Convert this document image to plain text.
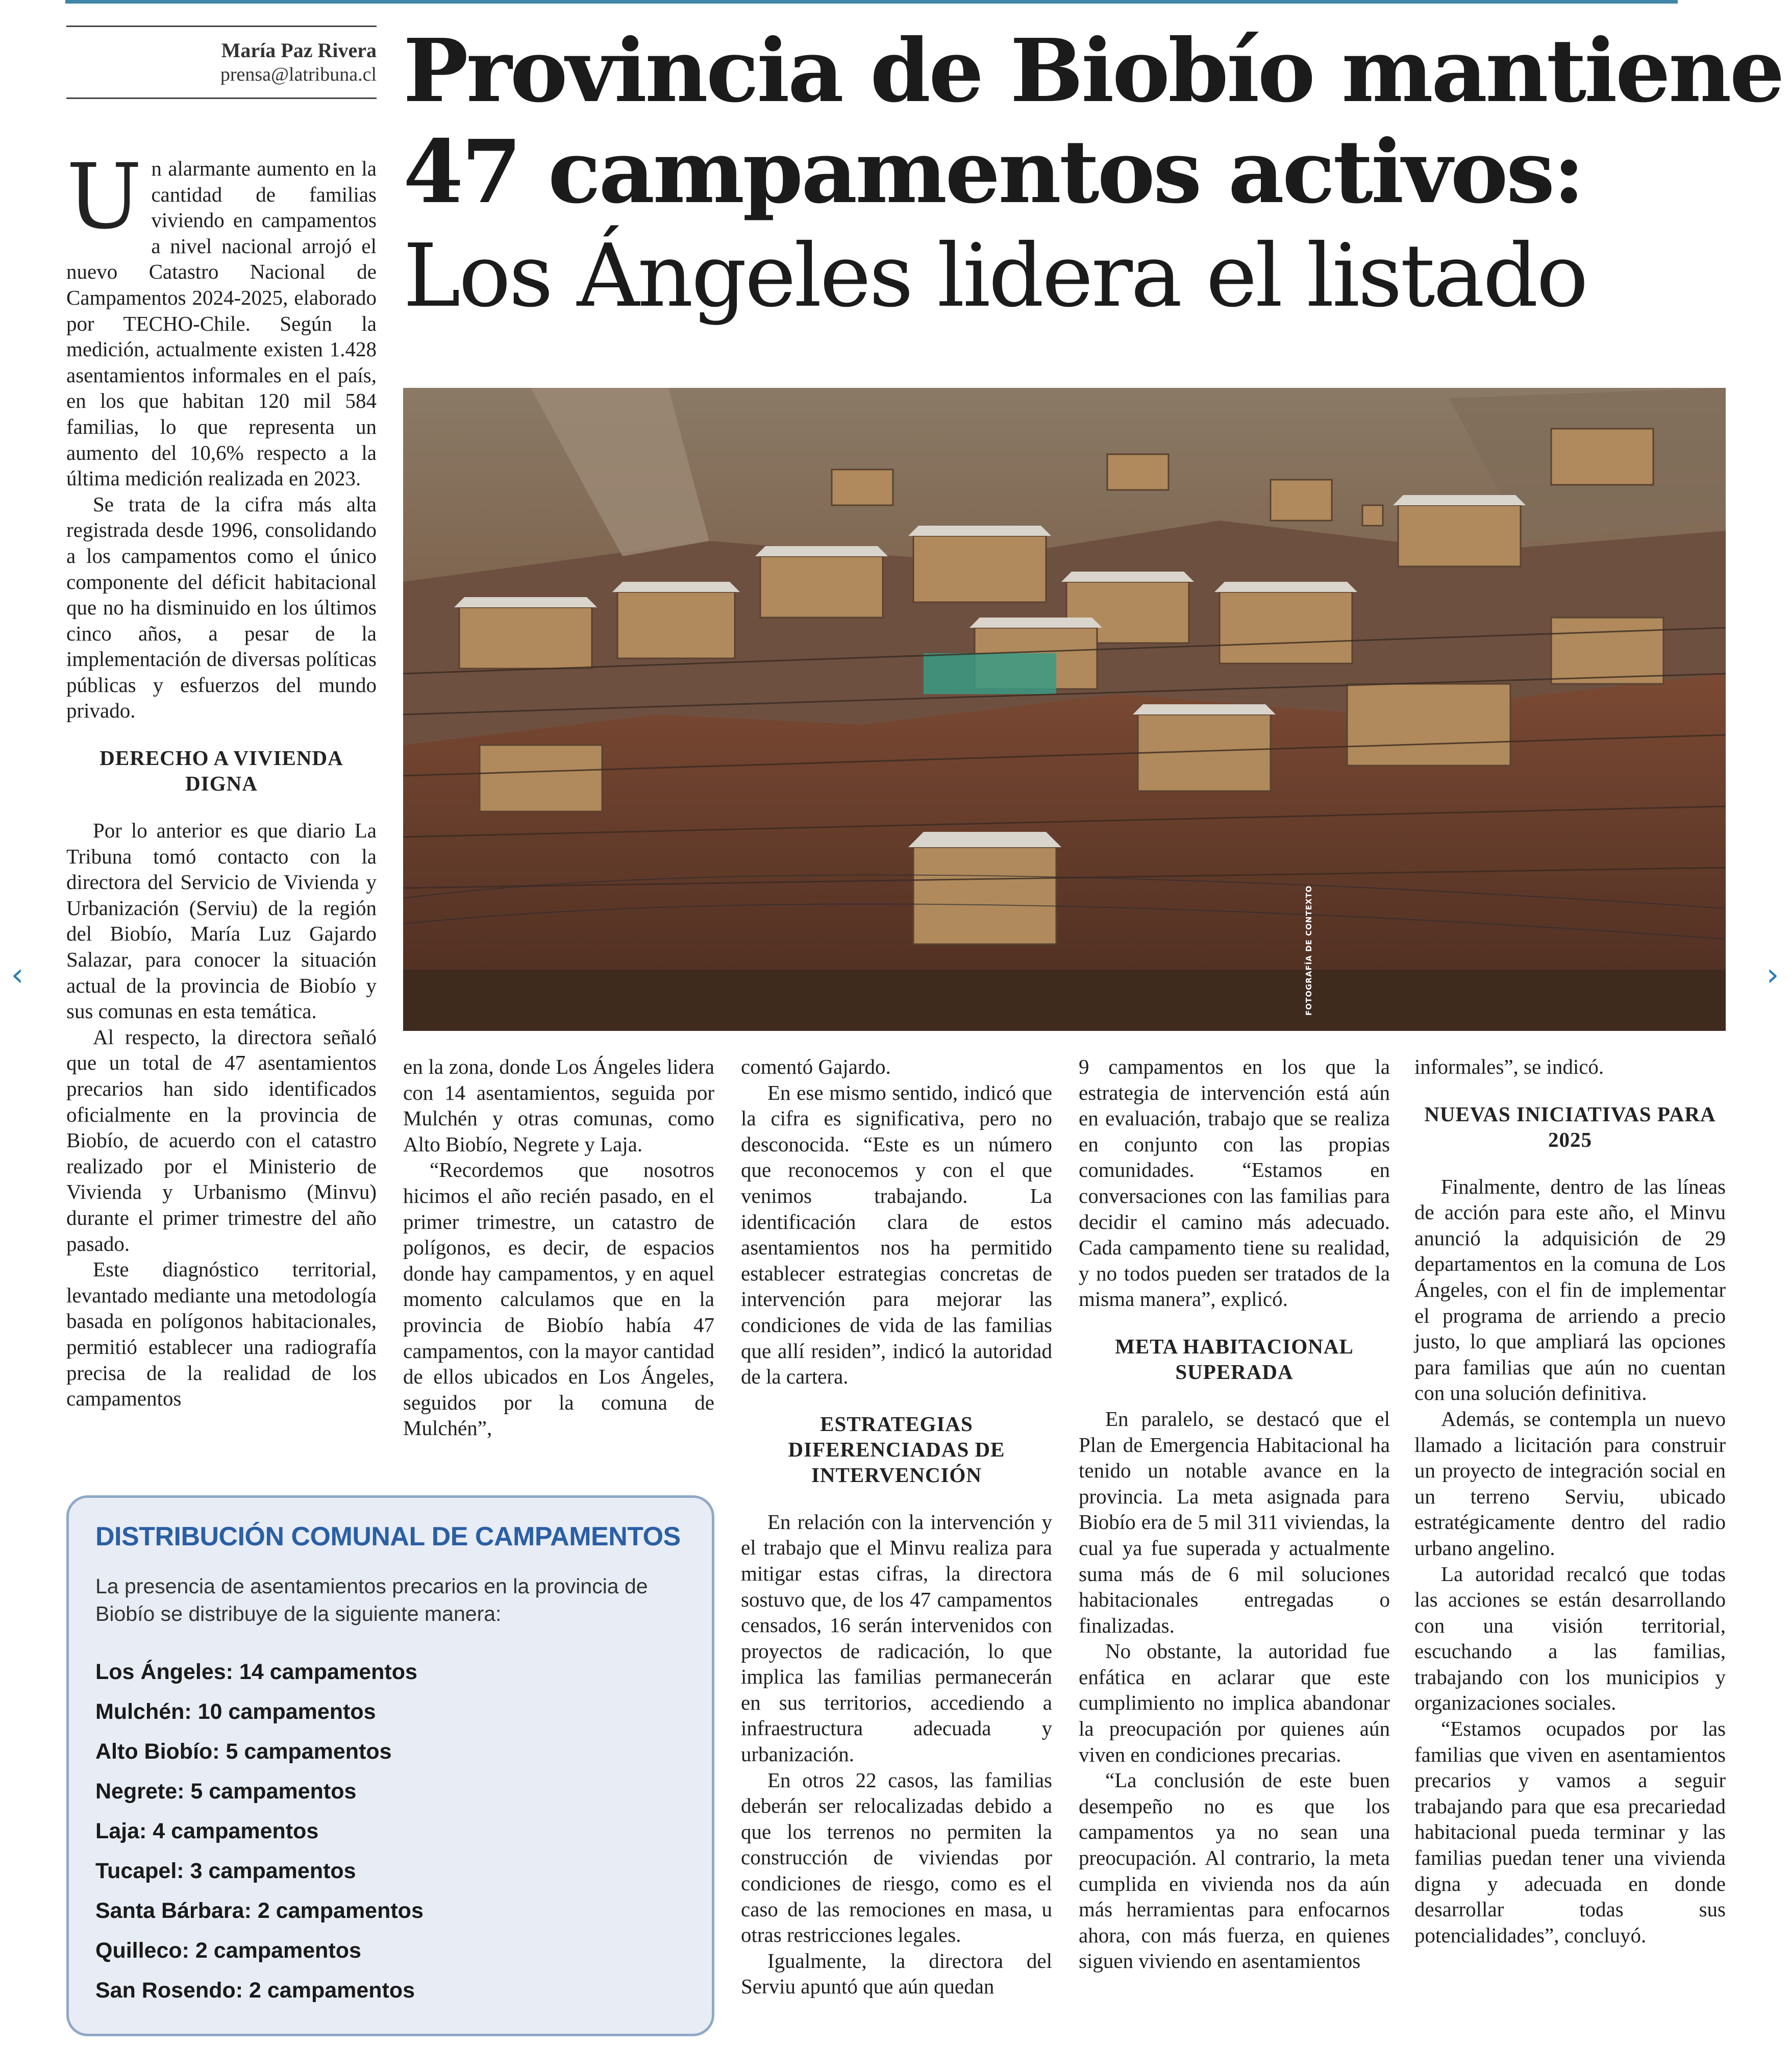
‹	›
María Paz Rivera
prensa@latribuna.cl Provincia de Biobío mantiene
47 campamentos activos:
Los Ángeles lidera el listado
FOTOGRAFÍA DE CONTEXTO

Un alarmante aumento en la cantidad de familias viviendo en campamentos a nivel nacional arrojó el nuevo Catastro Nacional de Campamentos 2024-2025, elaborado por TECHO-Chile. Según la medición, actualmente existen 1.428 asentamientos informales en el país, en los que habitan 120 mil 584 familias, lo que representa un aumento del 10,6% respecto a la última medición realizada en 2023.

Se trata de la cifra más alta registrada desde 1996, consolidando a los campamentos como el único componente del déficit habitacional que no ha disminuido en los últimos cinco años, a pesar de la implementación de diversas políticas públicas y esfuerzos del mundo privado.

DERECHO A VIVIENDA DIGNA

Por lo anterior es que diario La Tribuna tomó contacto con la directora del Servicio de Vivienda y Urbanización (Serviu) de la región del Biobío, María Luz Gajardo Salazar, para conocer la situación actual de la provincia de Biobío y sus comunas en esta temática.

Al respecto, la directora señaló que un total de 47 asentamientos precarios han sido identificados oficialmente en la provincia de Biobío, de acuerdo con el catastro realizado por el Ministerio de Vivienda y Urbanismo (Minvu) durante el primer trimestre del año pasado.

Este diagnóstico territorial, levantado mediante una metodología basada en polígonos habitacionales, permitió establecer una radiografía precisa de la realidad de los campamentos

en la zona, donde Los Ángeles lidera con 14 asentamientos, seguida por Mulchén y otras comunas, como Alto Biobío, Negrete y Laja.

“Recordemos que nosotros hicimos el año recién pasado, en el primer trimestre, un catastro de polígonos, es decir, de espacios donde hay campamentos, y en aquel momento calculamos que en la provincia de Biobío había 47 campamentos, con la mayor cantidad de ellos ubicados en Los Ángeles, seguidos por la comuna de Mulchén”,

comentó Gajardo.

En ese mismo sentido, indicó que la cifra es significativa, pero no desconocida. “Este es un número que reconocemos y con el que venimos trabajando. La identificación clara de estos asentamientos nos ha permitido establecer estrategias concretas de intervención para mejorar las condiciones de vida de las familias que allí residen”, indicó la autoridad de la cartera.

ESTRATEGIAS DIFERENCIADAS DE INTERVENCIÓN

En relación con la intervención y el trabajo que el Minvu realiza para mitigar estas cifras, la directora sostuvo que, de los 47 campamentos censados, 16 serán intervenidos con proyectos de radicación, lo que implica las familias permanecerán en sus territorios, accediendo a infraestructura adecuada y urbanización.

En otros 22 casos, las familias deberán ser relocalizadas debido a que los terrenos no permiten la construcción de viviendas por condiciones de riesgo, como es el caso de las remociones en masa, u otras restricciones legales.

Igualmente, la directora del Serviu apuntó que aún quedan

9 campamentos en los que la estrategia de intervención está aún en evaluación, trabajo que se realiza en conjunto con las propias comunidades. “Estamos en conversaciones con las familias para decidir el camino más adecuado. Cada campamento tiene su realidad, y no todos pueden ser tratados de la misma manera”, explicó.

META HABITACIONAL SUPERADA

En paralelo, se destacó que el Plan de Emergencia Habitacional ha tenido un notable avance en la provincia. La meta asignada para Biobío era de 5 mil 311 viviendas, la cual ya fue superada y actualmente suma más de 6 mil soluciones habitacionales entregadas o finalizadas.

No obstante, la autoridad fue enfática en aclarar que este cumplimiento no implica abandonar la preocupación por quienes aún viven en condiciones precarias.

“La conclusión de este buen desempeño no es que los campamentos ya no sean una preocupación. Al contrario, la meta cumplida en vivienda nos da aún más herramientas para enfocarnos ahora, con más fuerza, en quienes siguen viviendo en asentamientos

informales”, se indicó.

NUEVAS INICIATIVAS PARA 2025

Finalmente, dentro de las líneas de acción para este año, el Minvu anunció la adquisición de 29 departamentos en la comuna de Los Ángeles, con el fin de implementar el programa de arriendo a precio justo, lo que ampliará las opciones para familias que aún no cuentan con una solución definitiva.

Además, se contempla un nuevo llamado a licitación para construir un proyecto de integración social en un terreno Serviu, ubicado estratégicamente dentro del radio urbano angelino.

La autoridad recalcó que todas las acciones se están desarrollando con una visión territorial, escuchando a las familias, trabajando con los municipios y organizaciones sociales.

“Estamos ocupados por las familias que viven en asentamientos precarios y vamos a seguir trabajando para que esa precariedad habitacional pueda terminar y las familias puedan tener una vivienda digna y adecuada en donde desarrollar todas sus potencialidades”, concluyó.

DISTRIBUCIÓN COMUNAL DE CAMPAMENTOS

La presencia de asentamientos precarios en la provincia de Biobío se distribuye de la siguiente manera:

Los Ángeles: 14 campamentos
Mulchén: 10 campamentos
Alto Biobío: 5 campamentos
Negrete: 5 campamentos
Laja: 4 campamentos
Tucapel: 3 campamentos
Santa Bárbara: 2 campamentos
Quilleco: 2 campamentos
San Rosendo: 2 campamentos
